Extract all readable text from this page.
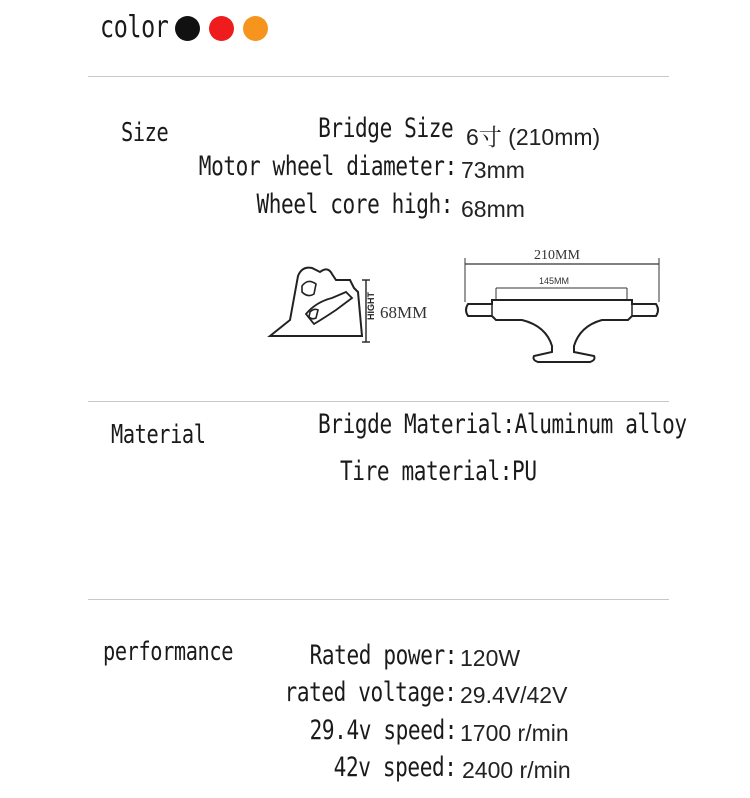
color
Size	Bridge Size 6寸 (210mm)
Motor wheel diameter: 73mm
Wheel core high: 68mm
HIGHT 68MM
210MM
145MM
Material	Brigde Material:Aluminum alloy
Tire material:PU
performance	Rated power: 120W
rated voltage: 29.4V/42V
29.4v speed: 1700 r/min
42v speed: 2400 r/min
